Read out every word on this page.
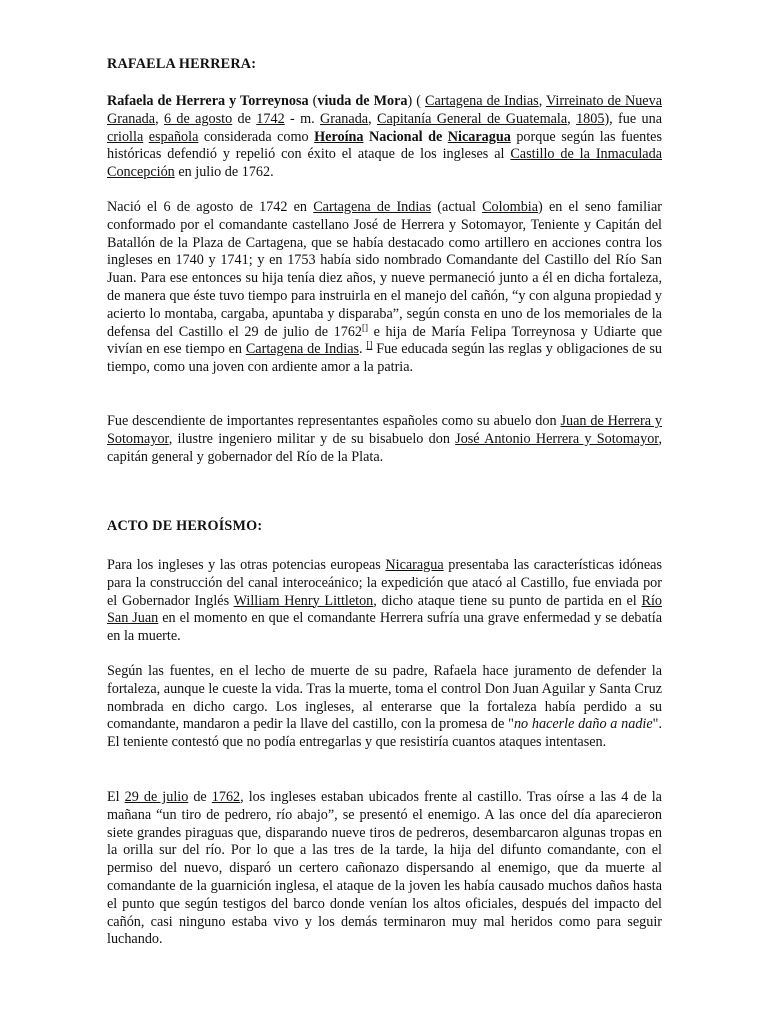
RAFAELA HERRERA:

Rafaela de Herrera y Torreynosa (viuda de Mora) ( Cartagena de Indias, Virreinato de Nueva Granada, 6 de agosto de 1742 - m. Granada, Capitanía General de Guatemala, 1805), fue una criolla española considerada como Heroína Nacional de Nicaragua porque según las fuentes históricas defendió y repelió con éxito el ataque de los ingleses al Castillo de la Inmaculada Concepción en julio de 1762.

Nació el 6 de agosto de 1742 en Cartagena de Indias (actual Colombia) en el seno familiar conformado por el comandante castellano José de Herrera y Sotomayor, Teniente y Capitán del Batallón de la Plaza de Cartagena, que se había destacado como artillero en acciones contra los ingleses en 1740 y 1741; y en 1753 había sido nombrado Comandante del Castillo del Río San Juan. Para ese entonces su hija tenía diez años, y nueve permaneció junto a él en dicha fortaleza, de manera que éste tuvo tiempo para instruirla en el manejo del cañón, “y con alguna propiedad y acierto lo montaba, cargaba, apuntaba y disparaba”, según consta en uno de los memoriales de la defensa del Castillo el 29 de julio de 1762[] e hija de María Felipa Torreynosa y Udiarte que vivían en ese tiempo en Cartagena de Indias. [] Fue educada según las reglas y obligaciones de su tiempo, como una joven con ardiente amor a la patria.

Fue descendiente de importantes representantes españoles como su abuelo don Juan de Herrera y Sotomayor, ilustre ingeniero militar y de su bisabuelo don José Antonio Herrera y Sotomayor, capitán general y gobernador del Río de la Plata.

ACTO DE HEROÍSMO:

Para los ingleses y las otras potencias europeas Nicaragua presentaba las características idóneas para la construcción del canal interoceánico; la expedición que atacó al Castillo, fue enviada por el Gobernador Inglés William Henry Littleton, dicho ataque tiene su punto de partida en el Río San Juan en el momento en que el comandante Herrera sufría una grave enfermedad y se debatía en la muerte.

Según las fuentes, en el lecho de muerte de su padre, Rafaela hace juramento de defender la fortaleza, aunque le cueste la vida. Tras la muerte, toma el control Don Juan Aguilar y Santa Cruz nombrada en dicho cargo. Los ingleses, al enterarse que la fortaleza había perdido a su comandante, mandaron a pedir la llave del castillo, con la promesa de "no hacerle daño a nadie". El teniente contestó que no podía entregarlas y que resistiría cuantos ataques intentasen.

El 29 de julio de 1762, los ingleses estaban ubicados frente al castillo. Tras oírse a las 4 de la mañana “un tiro de pedrero, río abajo”, se presentó el enemigo. A las once del día aparecieron siete grandes piraguas que, disparando nueve tiros de pedreros, desembarcaron algunas tropas en la orilla sur del río. Por lo que a las tres de la tarde, la hija del difunto comandante, con el permiso del nuevo, disparó un certero cañonazo dispersando al enemigo, que da muerte al comandante de la guarnición inglesa, el ataque de la joven les había causado muchos daños hasta el punto que según testigos del barco donde venían los altos oficiales, después del impacto del cañón, casi ninguno estaba vivo y los demás terminaron muy mal heridos como para seguir luchando.
